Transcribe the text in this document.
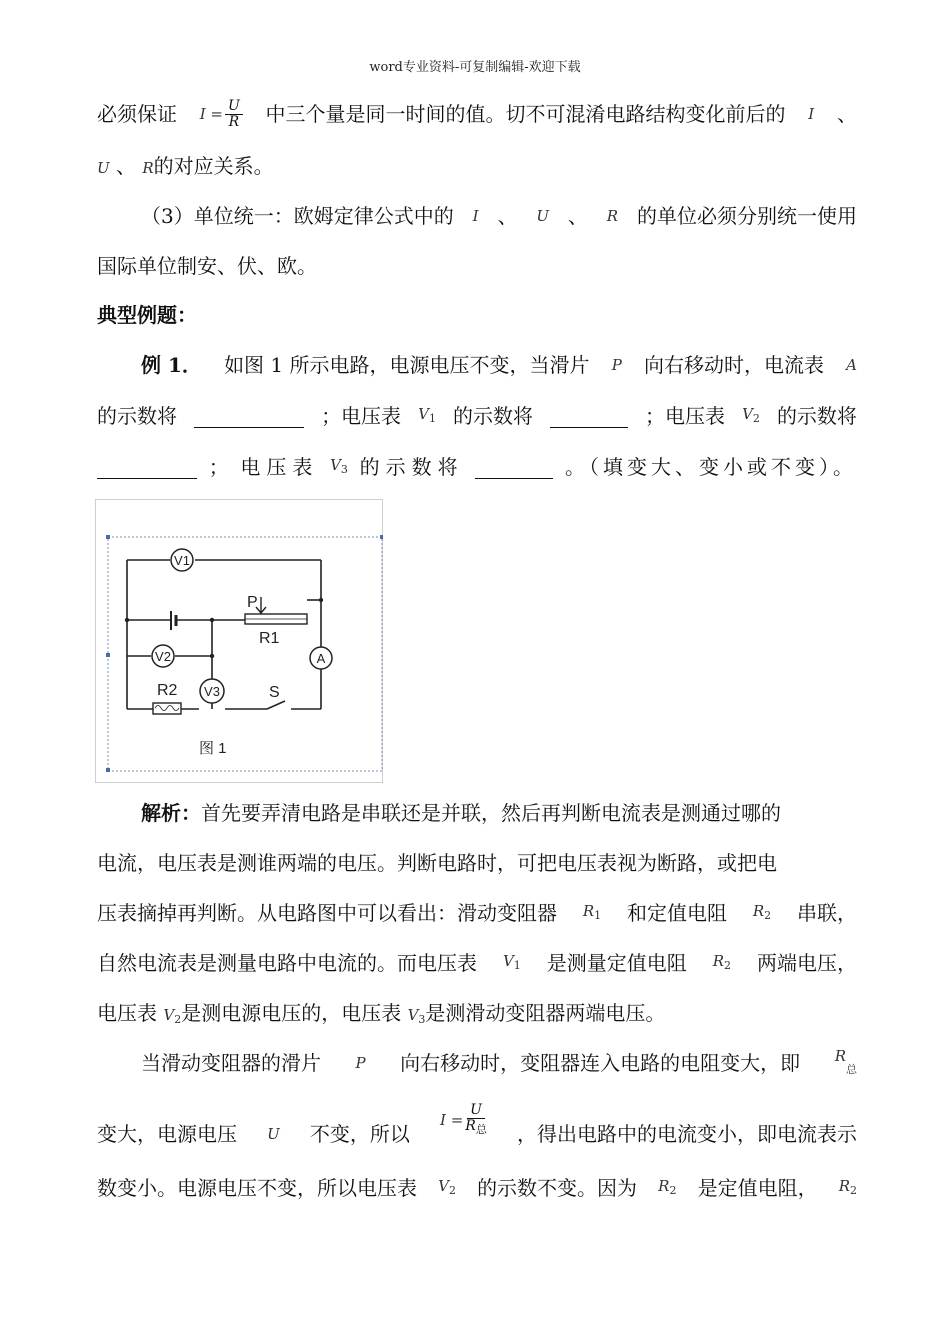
word专业资料-可复制编辑-欢迎下载
必须保证 $I = \frac{U}{R}$ 中三个量是同一时间的值。切不可混淆电路结构变化前后的 I 、
U 、 R的对应关系。
（3）单位统一：欧姆定律公式中的 I 、 U 、 R 的单位必须分别统一使用
国际单位制安、伏、欧。
典型例题：
例 1． 如图 1 所示电路，电源电压不变，当滑片 P 向右移动时，电流表 A
的示数将	；电压表 $V_1$ 的示数将	；电压表 $V_2$ 的示数将
； 电压表 $V_3$ 的示数将	。（填变大、变小或不变）。
V1
V2
V3
A
P
R1
R2	S
图 1
解析：首先要弄清电路是串联还是并联，然后再判断电流表是测通过哪的
电流，电压表是测谁两端的电压。判断电路时，可把电压表视为断路，或把电
压表摘掉再判断。从电路图中可以看出：滑动变阻器 $R_1$ 和定值电阻 $R_2$ 串联，
自然电流表是测量电路中电流的。而电压表 $V_1$ 是测量定值电阻 $R_2$ 两端电压，
电压表 $V_2$是测电源电压的，电压表 $V_3$是测滑动变阻器两端电压。
当滑动变阻器的滑片 P 向右移动时，变阻器连入电路的电阻变大，即 $R_总$
变大，电源电压 U 不变，所以
$I = \frac{U}{R_总}$ ，得出电路中的电流变小，即电流表示
数变小。电源电压不变，所以电压表 $V_2$ 的示数不变。因为 $R_2$ 是定值电阻， $R_2$
